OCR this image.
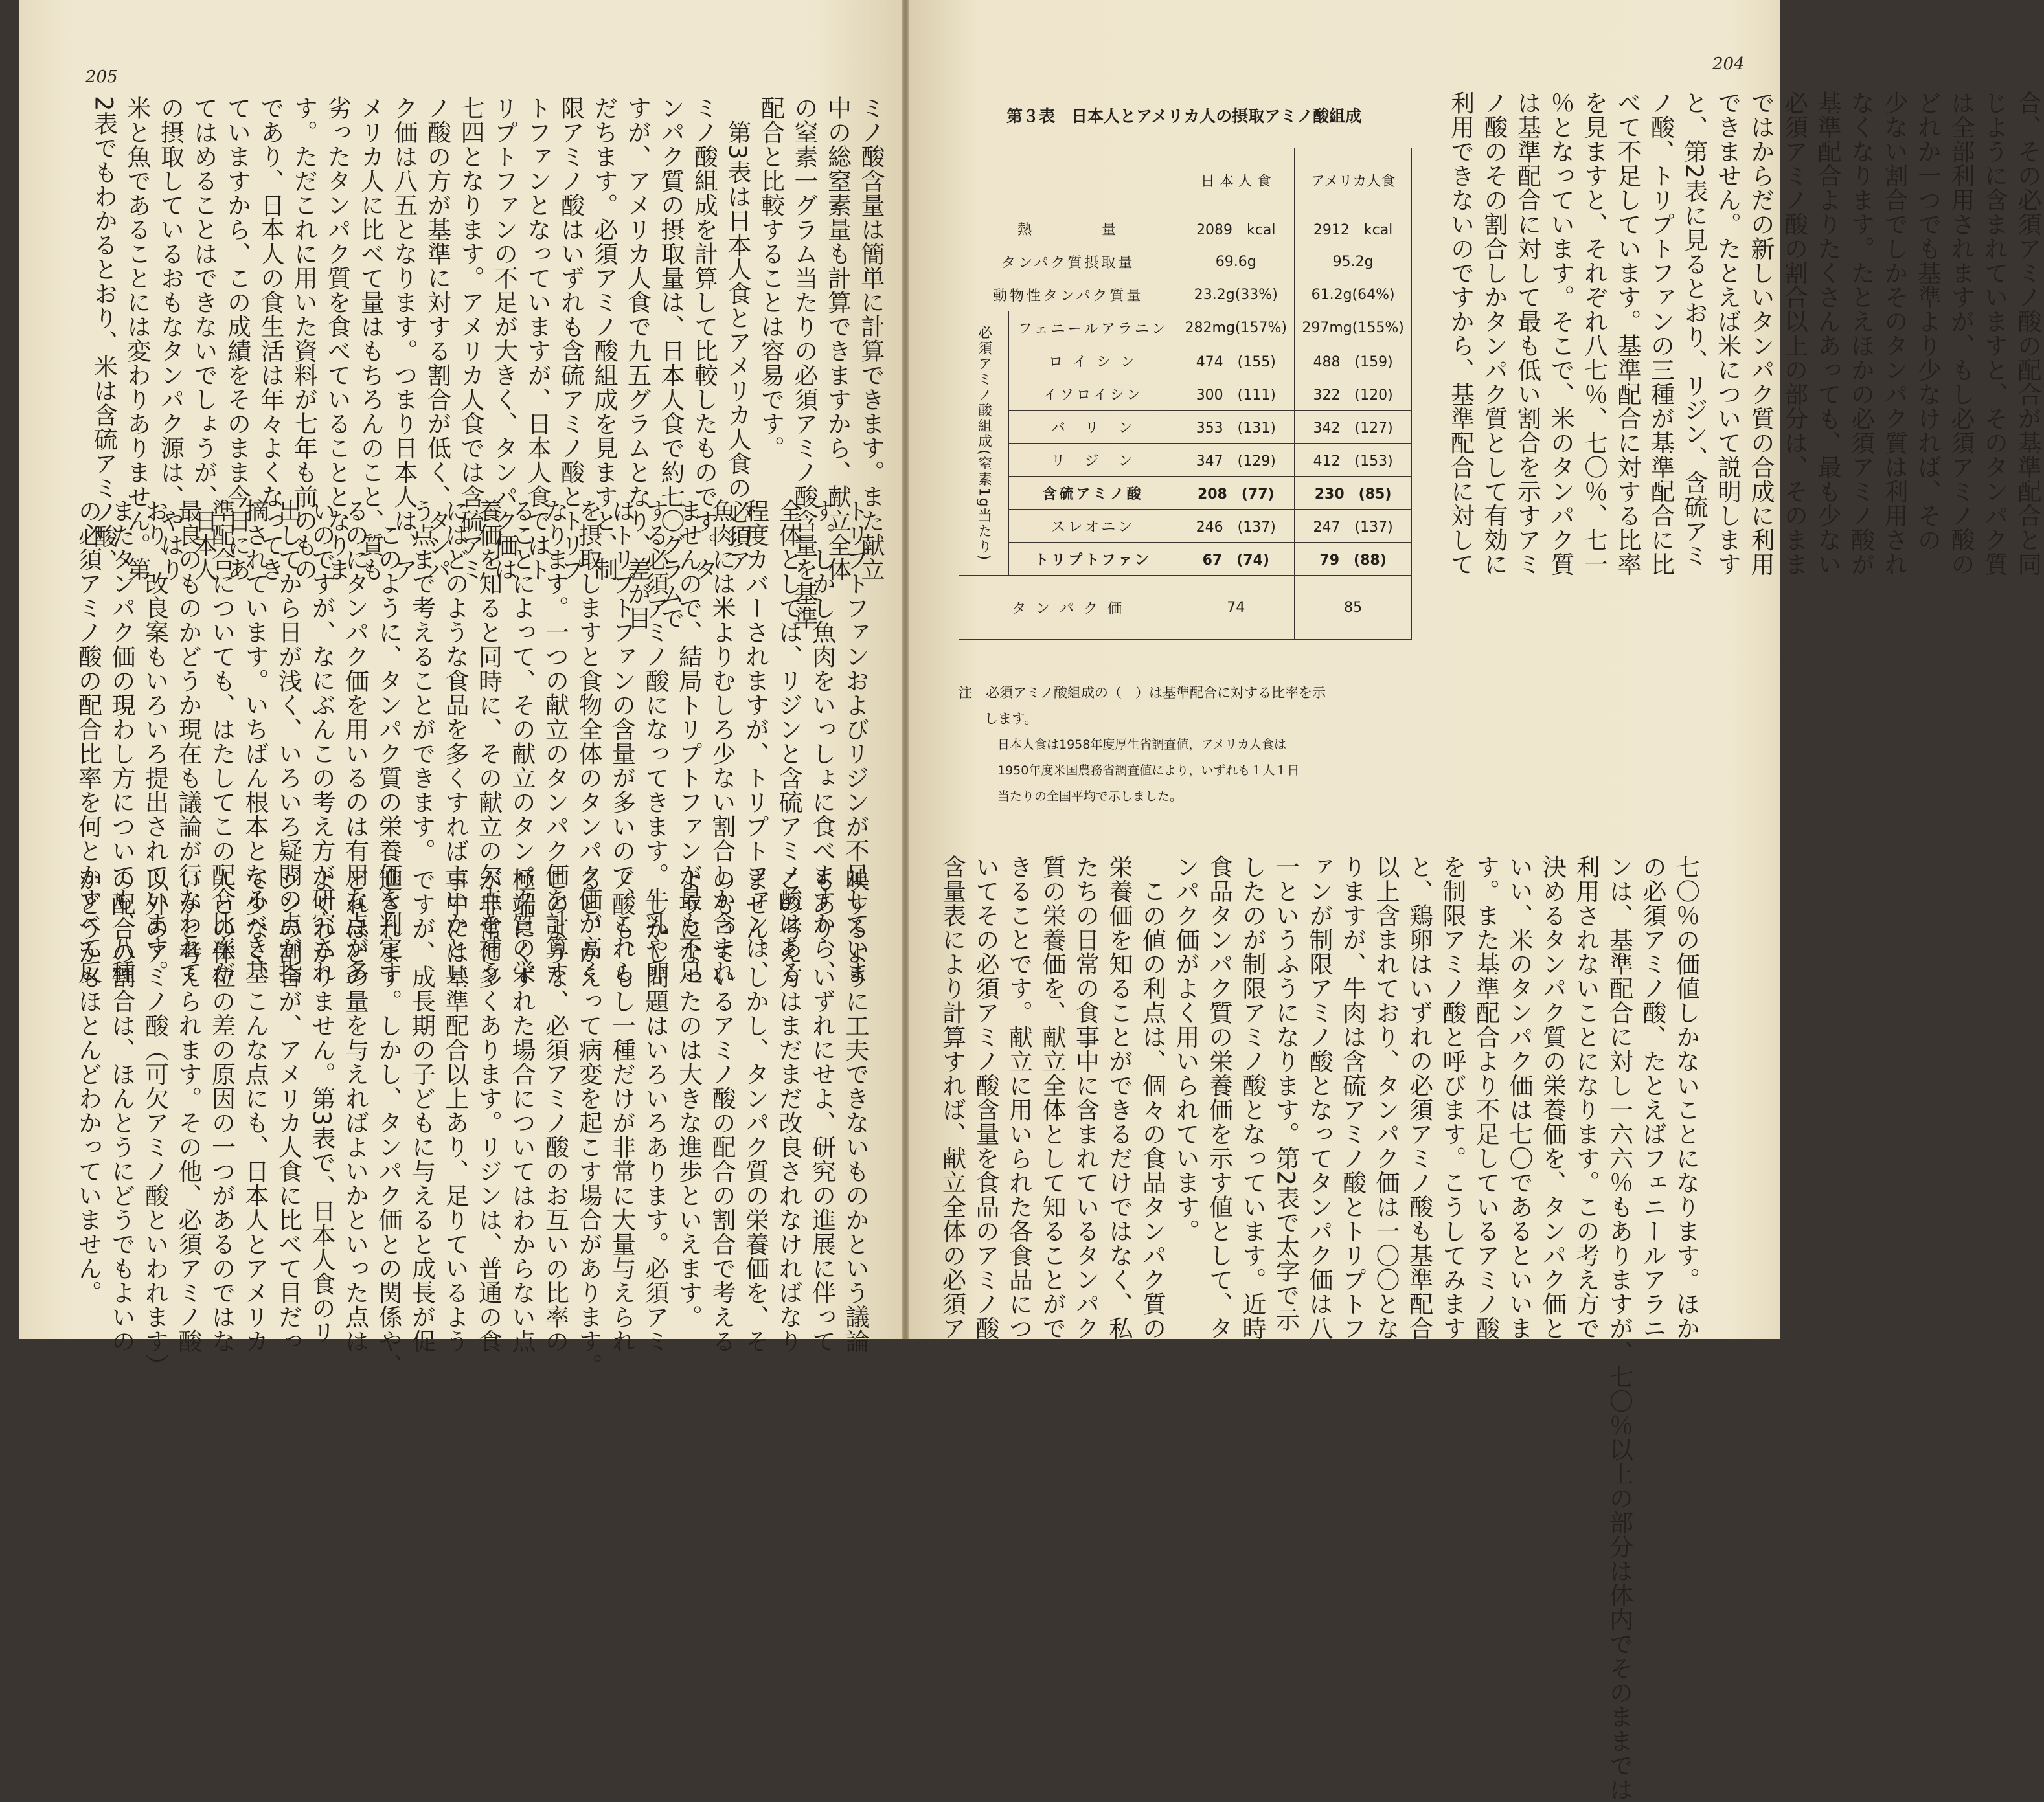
205

ミノ酸含量は簡単に計算できます。また献立

中の総窒素量も計算できますから、献立全体

の窒素一グラム当たりの必須アミノ酸含量を基準

配合と比較することは容易です。

　第3表は日本人食とアメリカ人食の必須ア

ミノ酸組成を計算して比較したものです。タ

ンパク質の摂取量は、日本人食で約七〇グラムで

すが、アメリカ人食で九五グラムとなり、差が目

だちます。必須アミノ酸組成を見ますと、制

限アミノ酸はいずれも含硫アミノ酸とトリプ

トファンとなっていますが、日本人食ではト

リプトファンの不足が大きく、タンパク価は

七四となります。アメリカ人食では含硫アミ

ノ酸の方が基準に対する割合が低く、タンパ

ク価は八五となります。つまり日本人は、ア

メリカ人に比べて量はもちろんのこと、質も

劣ったタンパク質を食べていることとなりま

す。ただこれに用いた資料が七年も前のもの

であり、日本人の食生活は年々よくなってき

ていますから、この成績をそのまま今日にあ

てはめることはできないでしょうが、日本人

の摂取しているおもなタンパク源は、やはり

米と魚であることには変わりありません。第

2表でもわかるとおり、米は含硫アミノ酸、

トリプトファンおよびリジンが不足していま

す。しかし魚肉をいっしょに食べますから、

全体としては、リジンと含硫アミノ酸はある

程度カバーされますが、トリプトファンは、

魚肉には米よりむしろ少ない割合しか含まれ

ませんので、結局トリプトファンが最も不足

する必須アミノ酸になってきます。牛乳や卵

はトリプトファンの含量が多いので、これら

を摂取しますと食物全体のタンパク価が高く

なります。一つの献立のタンパク価を計算す

ることによって、その献立のタンパク質の栄

養価を知ると同時に、その献立の欠点を補う

にはどのような食品を多くすればよいかとい

う点まで考えることができます。

　このように、タンパク質の栄養価を判定す

るのにタンパク価を用いるのは有用な点が多

いのですが、なにぶんこの考え方が研究され

出してから日が浅く、いろいろ疑問の点が指

摘されています。いちばん根本となるべき基

準配合についても、はたしてこの配合比率が

最良のものかどうか現在も議論が行なわれて

おり、改良案もいろいろ提出されています。

またタンパク価の現わし方についても、八種

の必須アミノ酸の配合比率を何とかすべて反

映するように工夫できないものかという議論

もあり、いずれにせよ、研究の進展に伴って

この考え方はまだまだ改良されなければなり

ません。しかし、タンパク質の栄養価を、そ

のもっているアミノ酸の配合の割合で考える

ようになったのは大きな進歩といえます。

　しかし問題はいろいろあります。必須アミ

ノ酸も、もし一種だけが非常に大量与えられ

ると、かえって病変を起こす場合があります。

このような、必須アミノ酸のお互いの比率の

極端にくずれた場合についてはわからない点

が非常に多くあります。リジンは、普通の食

事中には基準配合以上あり、足りているよう

ですが、成長期の子どもに与えると成長が促

進されます。しかし、タンパク価との関係や、

どれほどの量を与えればよいかといった点は

よくわかりません。第3表で、日本人食のリ

ジンの割合が、アメリカ人食に比べて目だっ

て少なく、こんな点にも、日本人とアメリカ

人との体位の差の原因の一つがあるのではな

いかと考えられます。その他、必須アミノ酸

以外のアミノ酸（可欠アミノ酸といわれます）

の配合の割合は、ほんとうにどうでもよいの

かどうかもほとんどわかっていません。

204

合、その必須アミノ酸の配合が基準配合と同

じように含まれていますと、そのタンパク質

は全部利用されますが、もし必須アミノ酸の

どれか一つでも基準より少なければ、その

少ない割合でしかそのタンパク質は利用され

なくなります。たとえほかの必須アミノ酸が

基準配合よりたくさんあっても、最も少ない

必須アミノ酸の割合以上の部分は、そのまま

ではからだの新しいタンパク質の合成に利用

できません。たとえば米について説明します

と、第2表に見るとおり、リジン、含硫アミ

ノ酸、トリプトファンの三種が基準配合に比

べて不足しています。基準配合に対する比率

を見ますと、それぞれ八七％、七〇％、七一

％となっています。そこで、米のタンパク質

は基準配合に対して最も低い割合を示すアミ

ノ酸のその割合しかタンパク質として有効に

利用できないのですから、基準配合に対して

第３表　日本人とアメリカ人の摂取アミノ酸組成
		日 本 人 食	アメリカ人食
熱　　　　量		2089　kcal	2912　kcal
タンパク質摂取量		69.6g	95.2g
動物性タンパク質量		23.2g(33%)	61.2g(64%)
必須アミノ酸組成(窒素1g当たり)	フェニールアラニン	282mg(157%)	297mg(155%)
	ロ イ シ ン	474　(155)	488　(159)
	イソロイシン	300　(111)	322　(120)
	バ　リ　ン	353　(131)	342　(127)
	リ　ジ　ン	347　(129)	412　(153)
	含硫アミノ酸	208　(77)	230　(85)
	スレオニン	246　(137)	247　(137)
	トリプトファン	67　(74)	79　(88)
タ ン パ ク 価		74	85
注　必須アミノ酸組成の（　）は基準配合に対する比率を示
します。
日本人食は1958年度厚生省調査値，アメリカ人食は
1950年度米国農務省調査値により，いずれも１人１日
当たりの全国平均で示しました。

七〇％の価値しかないことになります。ほか

の必須アミノ酸、たとえばフェニールアラニ

ンは、基準配合に対し一六六％もありますが、七〇％以上の部分は体内でそのままでは

利用されないことになります。この考え方で

決めるタンパク質の栄養価を、タンパク価と

いい、米のタンパク価は七〇であるといいま

す。また基準配合より不足しているアミノ酸

を制限アミノ酸と呼びます。こうしてみます

と、鶏卵はいずれの必須アミノ酸も基準配合

以上含まれており、タンパク価は一〇〇とな

りますが、牛肉は含硫アミノ酸とトリプトフ

ァンが制限アミノ酸となってタンパク価は八

一というふうになります。第2表で太字で示

したのが制限アミノ酸となっています。近時

食品タンパク質の栄養価を示す値として、タ

ンパク価がよく用いられています。

　この値の利点は、個々の食品タンパク質の

栄養価を知ることができるだけではなく、私

たちの日常の食事中に含まれているタンパク

質の栄養価を、献立全体として知ることがで

きることです。献立に用いられた各食品につ

いてその必須アミノ酸含量を食品のアミノ酸

含量表により計算すれば、献立全体の必須ア
